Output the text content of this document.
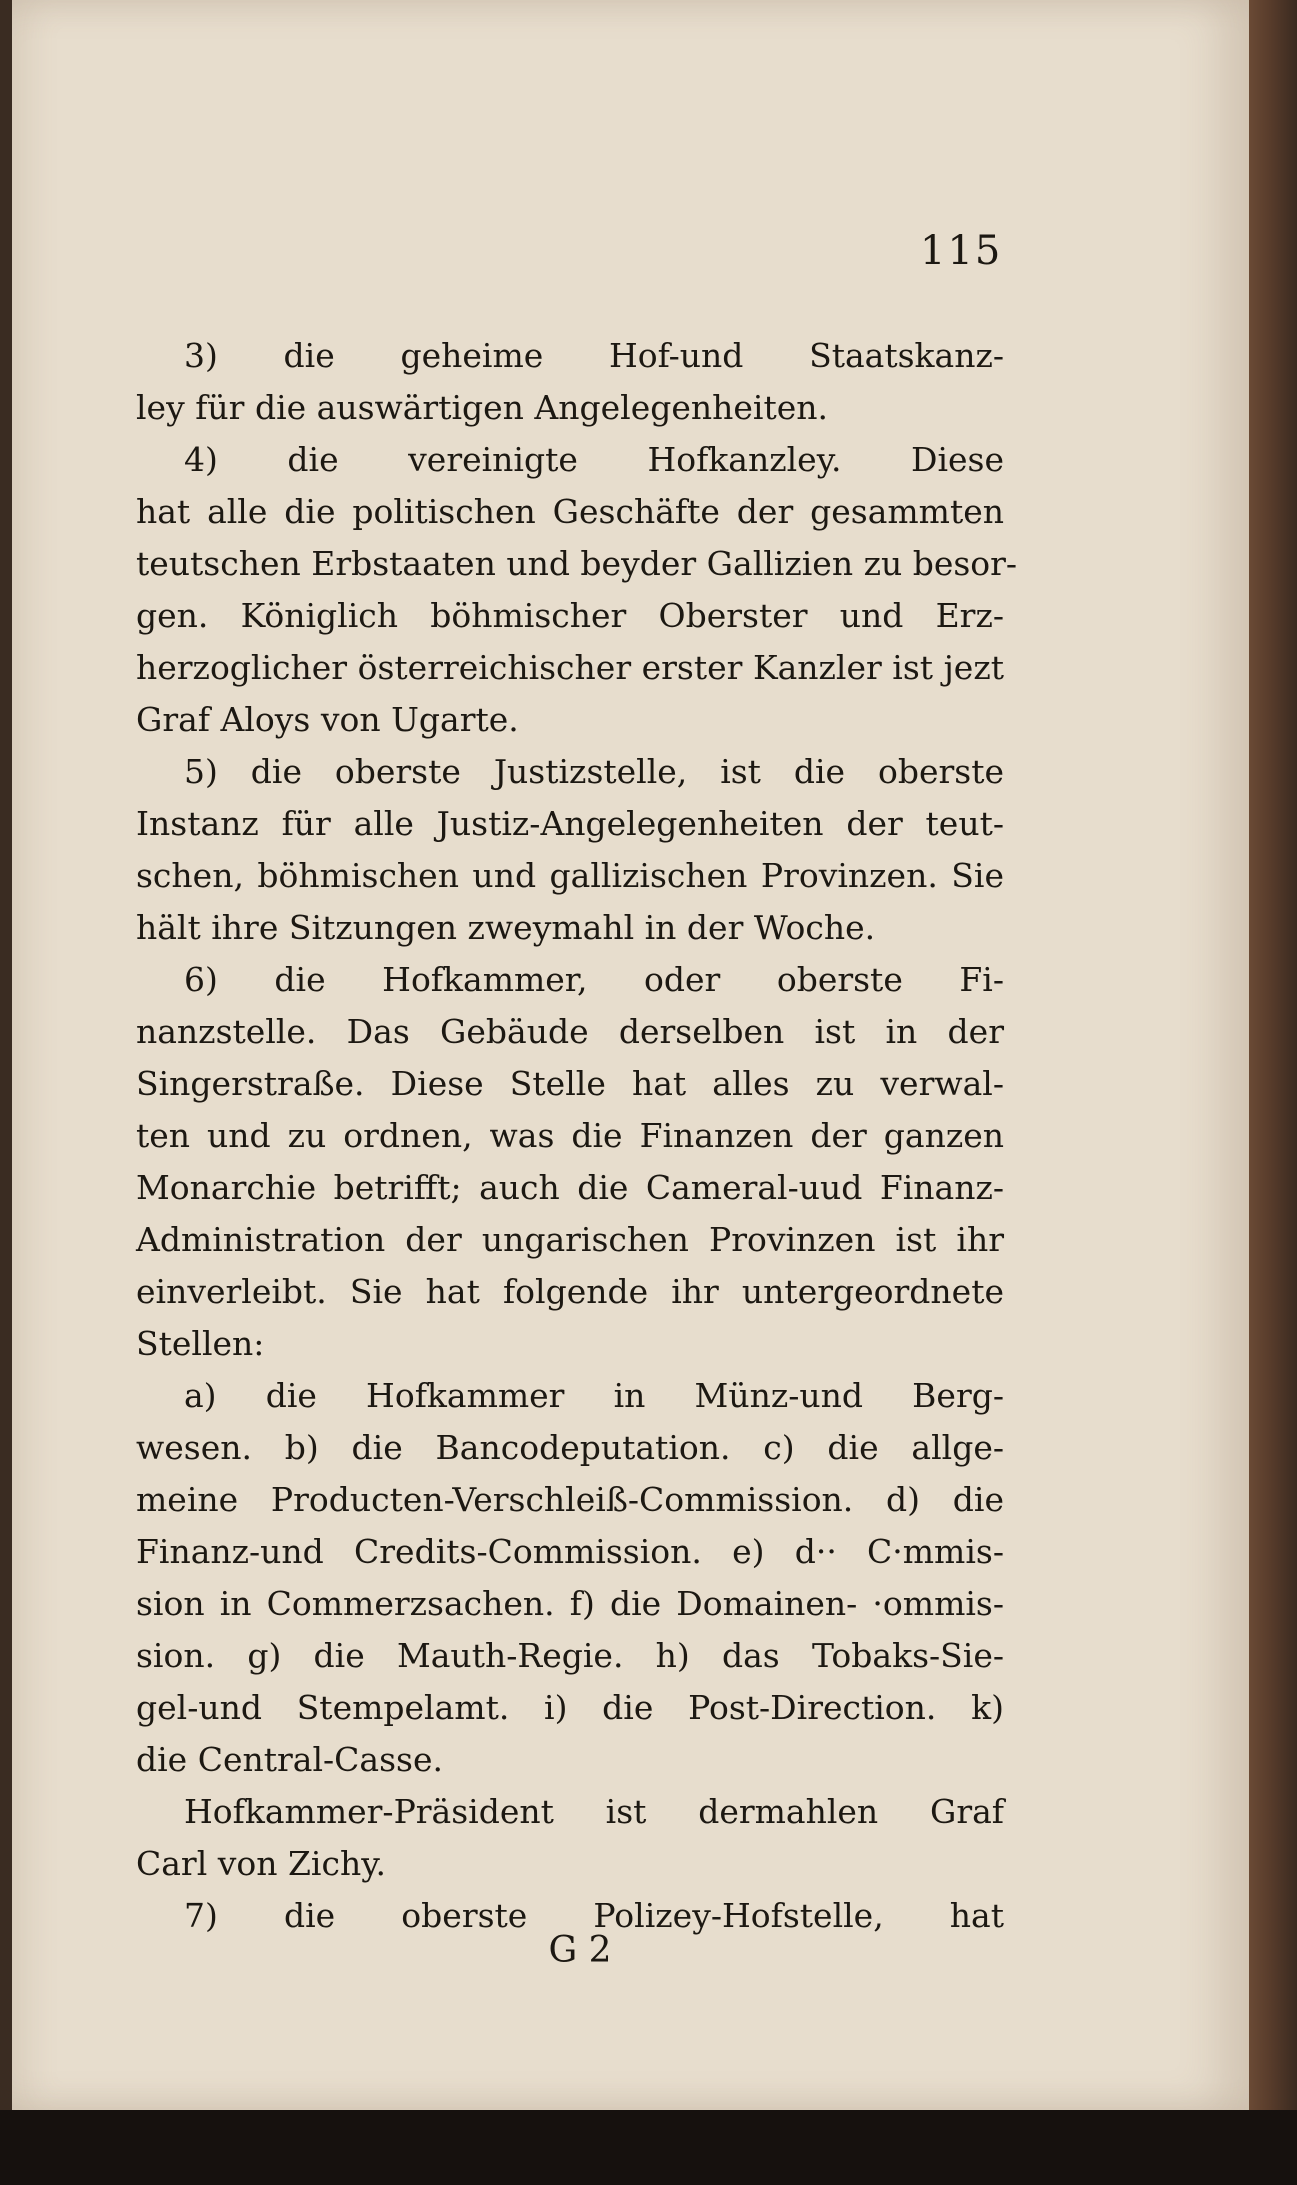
115
3) die geheime Hof-und Staatskanz-
ley für die auswärtigen Angelegenheiten.
4) die vereinigte Hofkanzley. Diese
hat alle die politischen Geschäfte der gesammten
teutschen Erbstaaten und beyder Gallizien zu besor-
gen. Königlich böhmischer Oberster und Erz-
herzoglicher österreichischer erster Kanzler ist jezt
Graf Aloys von Ugarte.
5) die oberste Justizstelle, ist die oberste
Instanz für alle Justiz-Angelegenheiten der teut-
schen, böhmischen und gallizischen Provinzen. Sie
hält ihre Sitzungen zweymahl in der Woche.
6) die Hofkammer, oder oberste Fi-
nanzstelle. Das Gebäude derselben ist in der
Singerstraße. Diese Stelle hat alles zu verwal-
ten und zu ordnen, was die Finanzen der ganzen
Monarchie betrifft; auch die Cameral-uud Finanz-
Administration der ungarischen Provinzen ist ihr
einverleibt. Sie hat folgende ihr untergeordnete
Stellen:
a) die Hofkammer in Münz-und Berg-
wesen. b) die Bancodeputation. c) die allge-
meine Producten-Verschleiß-Commission. d) die
Finanz-und Credits-Commission. e) d·· C·mmis-
sion in Commerzsachen. f) die Domainen- ·ommis-
sion. g) die Mauth-Regie. h) das Tobaks-Sie-
gel-und Stempelamt. i) die Post-Direction. k)
die Central-Casse.
Hofkammer-Präsident ist dermahlen Graf
Carl von Zichy.
7) die oberste Polizey-Hofstelle, hat
G 2
